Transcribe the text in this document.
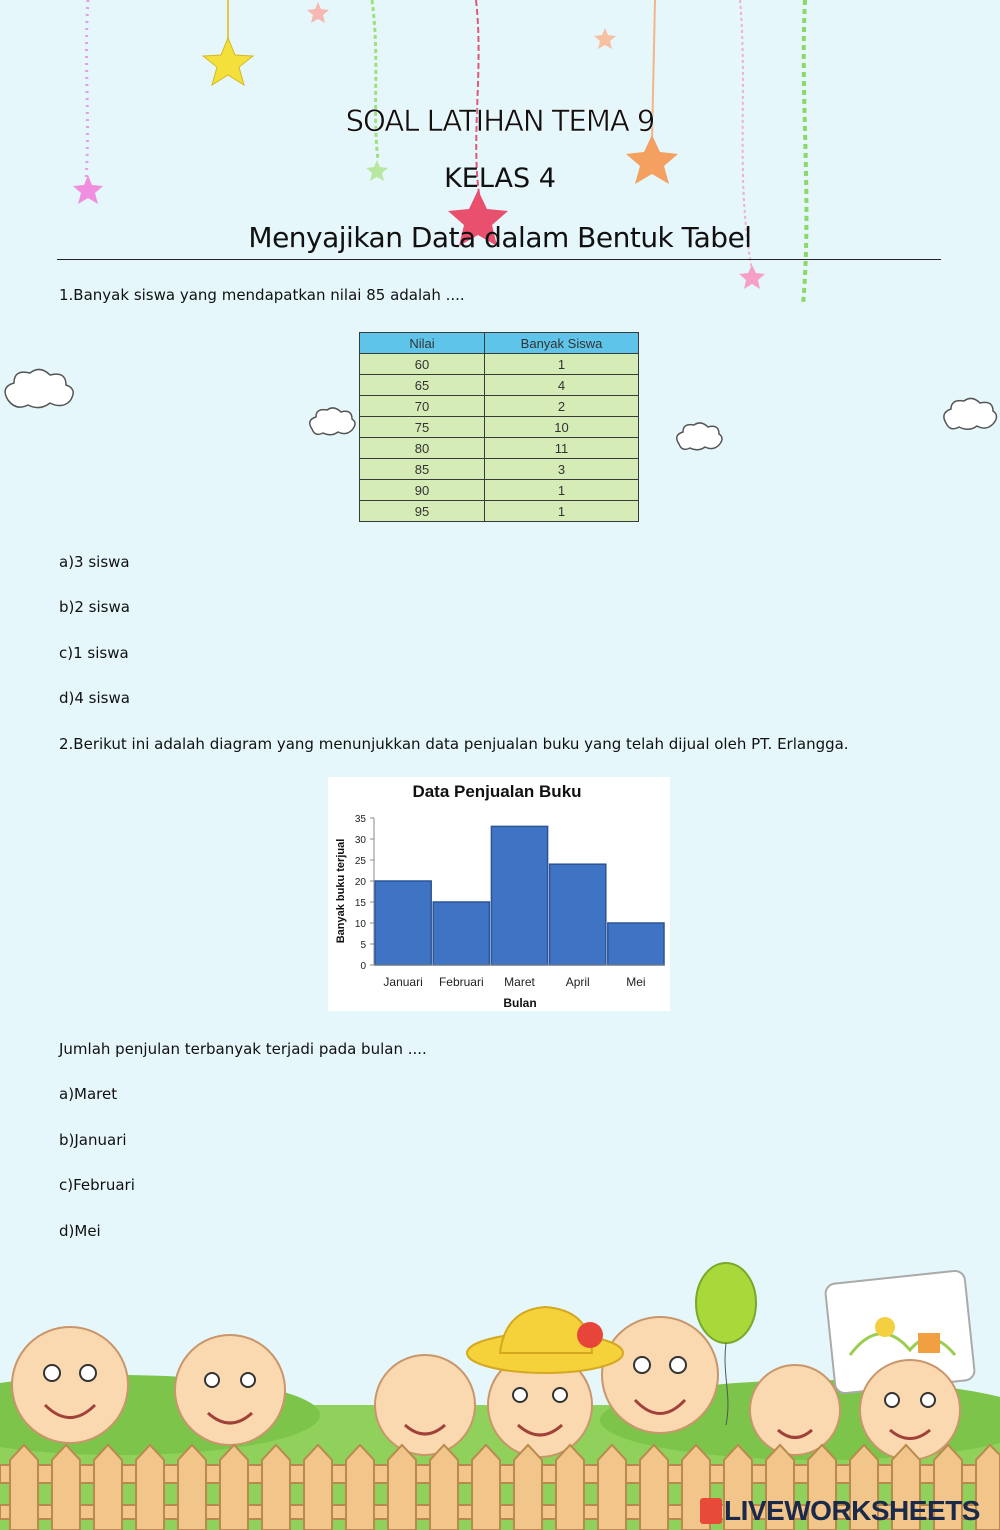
SOAL LATIHAN TEMA 9
KELAS 4
Menyajikan Data dalam Bentuk Tabel
1.Banyak siswa yang mendapatkan nilai 85 adalah ....
Nilai	Banyak Siswa
60	1
65	4
70	2
75	10
80	11
85	3
90	1
95	1
a)3 siswa
b)2 siswa
c)1 siswa
d)4 siswa
2.Berikut ini adalah diagram yang menunjukkan data penjualan buku yang telah dijual oleh PT. Erlangga.
Data Penjualan Buku
0
5
10
15
20
25
30
35
Januari Februari Maret	April	Mei
Bulan
Banyak buku terjual
Jumlah penjulan terbanyak terjadi pada bulan ....
a)Maret
b)Januari
c)Februari
d)Mei
LIVEWORKSHEETS
